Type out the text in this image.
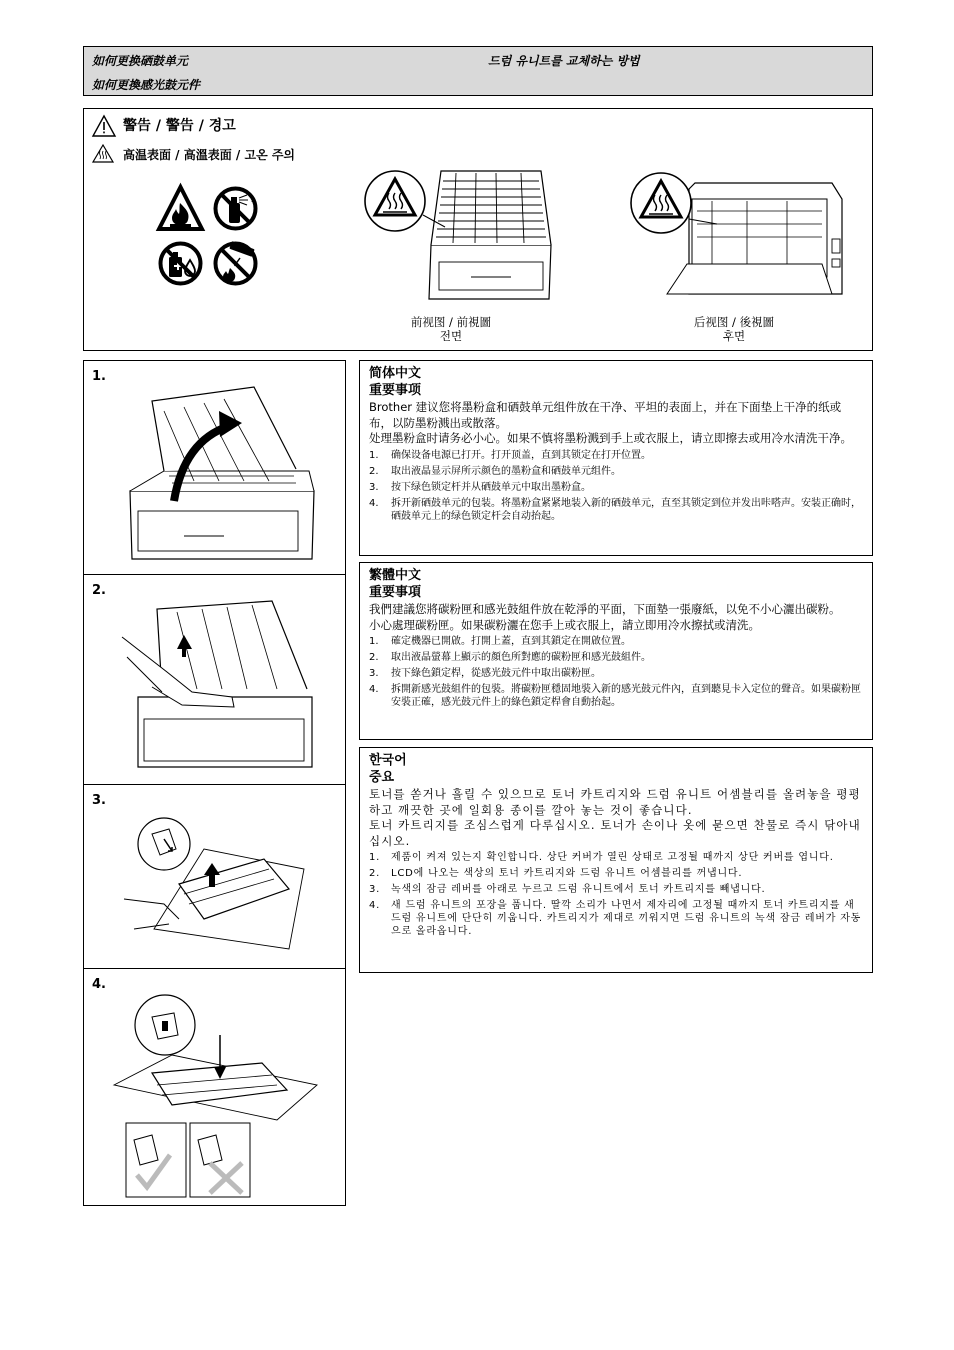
如何更换硒鼓单元
如何更換感光鼓元件
드럼 유니트를 교체하는 방법
警告 / 警告 / 경고
高温表面 / 高溫表面 / 고온 주의
前视图 / 前視圖
전면
后视图 / 後視圖
후면
1.
2.
3.
4.
简体中文
重要事项

Brother 建议您将墨粉盒和硒鼓单元组件放在干净、平坦的表面上，并在下面垫上干净的纸或布，以防墨粉溅出或散落。

处理墨粉盒时请务必小心。如果不慎将墨粉溅到手上或衣服上，请立即擦去或用冷水清洗干净。

1. 确保设备电源已打开。打开顶盖，直到其锁定在打开位置。
2. 取出液晶显示屏所示颜色的墨粉盒和硒鼓单元组件。
3. 按下绿色锁定杆并从硒鼓单元中取出墨粉盒。
4. 拆开新硒鼓单元的包装。将墨粉盒紧紧地装入新的硒鼓单元，直至其锁定到位并发出咔嗒声。安装正确时，硒鼓单元上的绿色锁定杆会自动抬起。
繁體中文
重要事項

我們建議您將碳粉匣和感光鼓組件放在乾淨的平面，下面墊一張廢紙，以免不小心灑出碳粉。

小心處理碳粉匣。如果碳粉灑在您手上或衣服上，請立即用冷水擦拭或清洗。

1. 確定機器已開啟。打開上蓋，直到其鎖定在開啟位置。
2. 取出液晶螢幕上顯示的顏色所對應的碳粉匣和感光鼓組件。
3. 按下綠色鎖定桿，從感光鼓元件中取出碳粉匣。
4. 拆開新感光鼓組件的包裝。將碳粉匣穩固地裝入新的感光鼓元件內，直到聽見卡入定位的聲音。如果碳粉匣安裝正確，感光鼓元件上的綠色鎖定桿會自動抬起。
한국어
중요

토너를 쏟거나 흘릴 수 있으므로 토너 카트리지와 드럼 유니트 어셈블리를 올려놓을 평평하고 깨끗한 곳에 일회용 종이를 깔아 놓는 것이 좋습니다.

토너 카트리지를 조심스럽게 다루십시오. 토너가 손이나 옷에 묻으면 찬물로 즉시 닦아내십시오.

1. 제품이 켜져 있는지 확인합니다. 상단 커버가 열린 상태로 고정될 때까지 상단 커버를 엽니다.
2. LCD에 나오는 색상의 토너 카트리지와 드럼 유니트 어셈블리를 꺼냅니다.
3. 녹색의 잠금 레버를 아래로 누르고 드럼 유니트에서 토너 카트리지를 빼냅니다.
4. 새 드럼 유니트의 포장을 풉니다. 딸깍 소리가 나면서 제자리에 고정될 때까지 토너 카트리지를 새 드럼 유니트에 단단히 끼웁니다. 카트리지가 제대로 끼워지면 드럼 유니트의 녹색 잠금 레버가 자동으로 올라옵니다.
